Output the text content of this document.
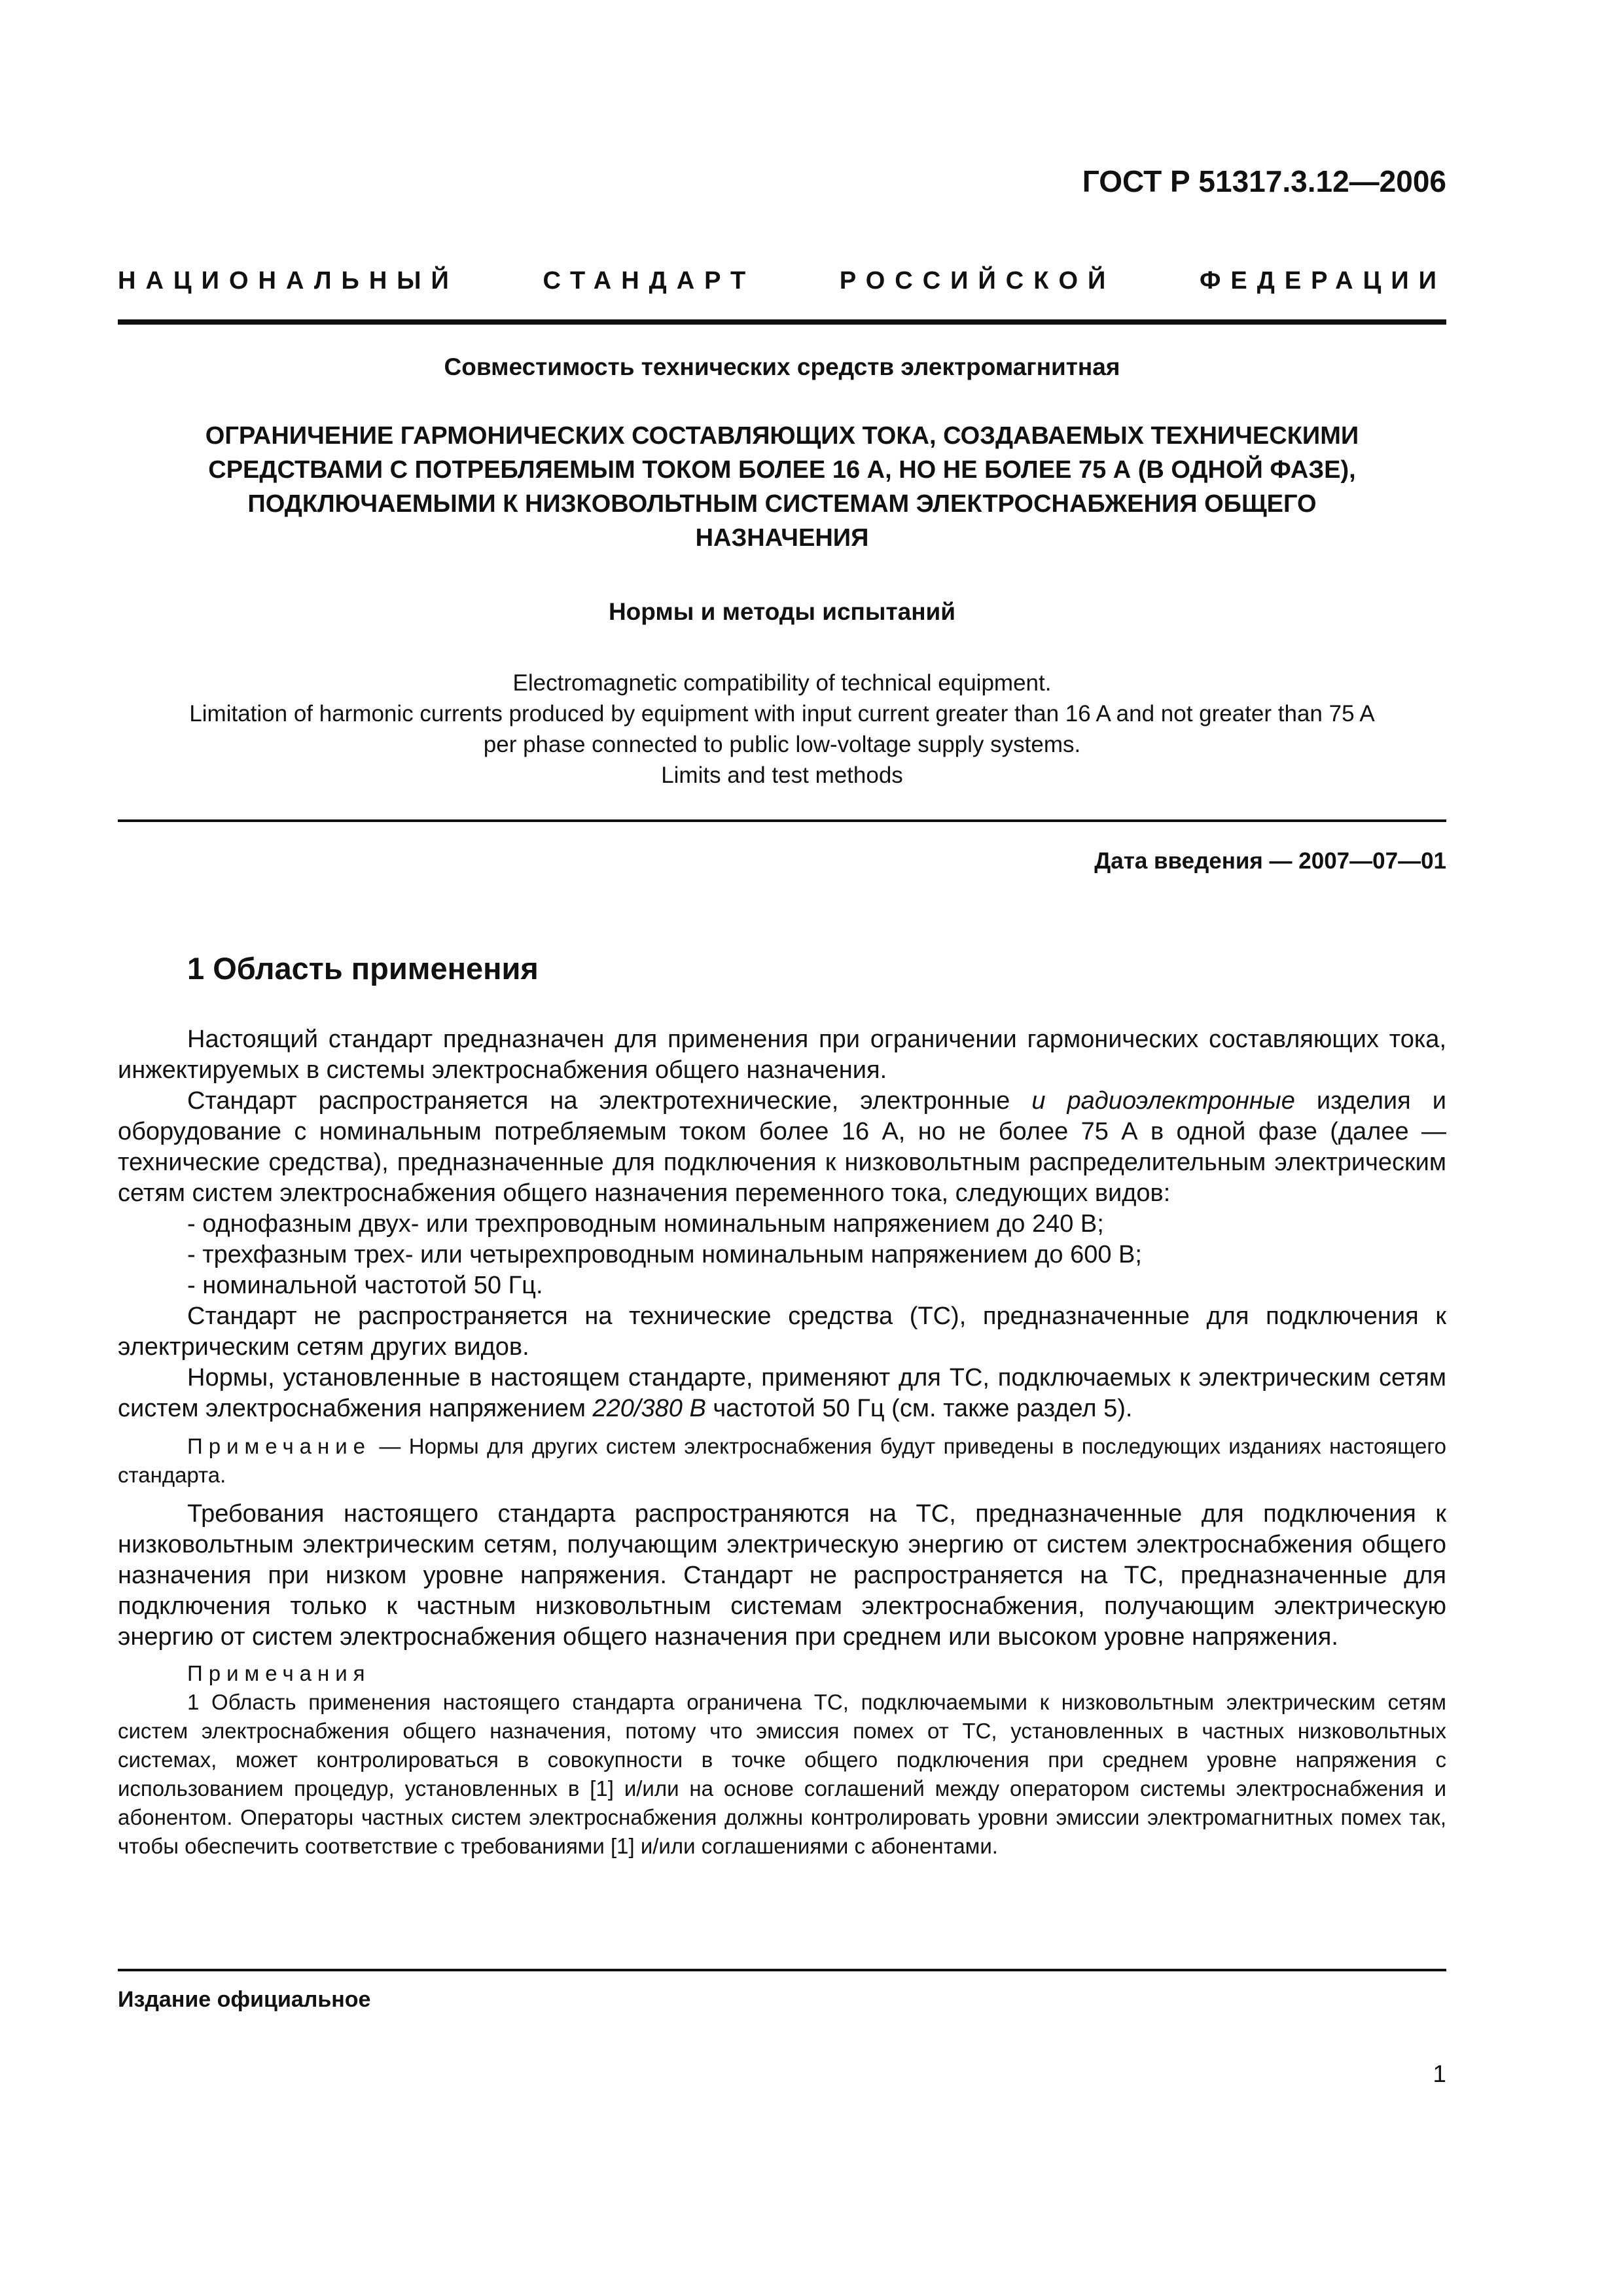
ГОСТ Р 51317.3.12—2006
НАЦИОНАЛЬНЫЙ	СТАНДАРТ	РОССИЙСКОЙ	ФЕДЕРАЦИИ
Совместимость технических средств электромагнитная
ОГРАНИЧЕНИЕ ГАРМОНИЧЕСКИХ СОСТАВЛЯЮЩИХ ТОКА, СОЗДАВАЕМЫХ ТЕХНИЧЕСКИМИ
СРЕДСТВАМИ С ПОТРЕБЛЯЕМЫМ ТОКОМ БОЛЕЕ 16 А, НО НЕ БОЛЕЕ 75 А (В ОДНОЙ ФАЗЕ),
ПОДКЛЮЧАЕМЫМИ К НИЗКОВОЛЬТНЫМ СИСТЕМАМ ЭЛЕКТРОСНАБЖЕНИЯ ОБЩЕГО
НАЗНАЧЕНИЯ
Нормы и методы испытаний
Electromagnetic compatibility of technical equipment.
Limitation of harmonic currents produced by equipment with input current greater than 16 A and not greater than 75 A
per phase connected to public low-voltage supply systems.
Limits and test methods
Дата введения — 2007—07—01
1 Область применения

Настоящий стандарт предназначен для применения при ограничении гармонических составляющих тока, инжектируемых в системы электроснабжения общего назначения.

Стандарт распространяется на электротехнические, электронные и радиоэлектронные изделия и оборудование с номинальным потребляемым током более 16 А, но не более 75 А в одной фазе (далее — технические средства), предназначенные для подключения к низковольтным распределительным электрическим сетям систем электроснабжения общего назначения переменного тока, следующих видов:

- однофазным двух- или трехпроводным номинальным напряжением до 240 В;

- трехфазным трех- или четырехпроводным номинальным напряжением до 600 В;

- номинальной частотой 50 Гц.

Стандарт не распространяется на технические средства (ТС), предназначенные для подключения к электрическим сетям других видов.

Нормы, установленные в настоящем стандарте, применяют для ТС, подключаемых к электрическим сетям систем электроснабжения напряжением 220/380 В частотой 50 Гц (см. также раздел 5).

Примечание — Нормы для других систем электроснабжения будут приведены в последующих изданиях настоящего стандарта.

Требования настоящего стандарта распространяются на ТС, предназначенные для подключения к низковольтным электрическим сетям, получающим электрическую энергию от систем электроснабжения общего назначения при низком уровне напряжения. Стандарт не распространяется на ТС, предназначенные для подключения только к частным низковольтным системам электроснабжения, получающим электрическую энергию от систем электроснабжения общего назначения при среднем или высоком уровне напряжения.

Примечания

1 Область применения настоящего стандарта ограничена ТС, подключаемыми к низковольтным электрическим сетям систем электроснабжения общего назначения, потому что эмиссия помех от ТС, установленных в частных низковольтных системах, может контролироваться в совокупности в точке общего подключения при среднем уровне напряжения с использованием процедур, установленных в [1] и/или на основе соглашений между оператором системы электроснабжения и абонентом. Операторы частных систем электроснабжения должны контролировать уровни эмиссии электромагнитных помех так, чтобы обеспечить соответствие с требованиями [1] и/или соглашениями с абонентами.

Издание официальное
1
